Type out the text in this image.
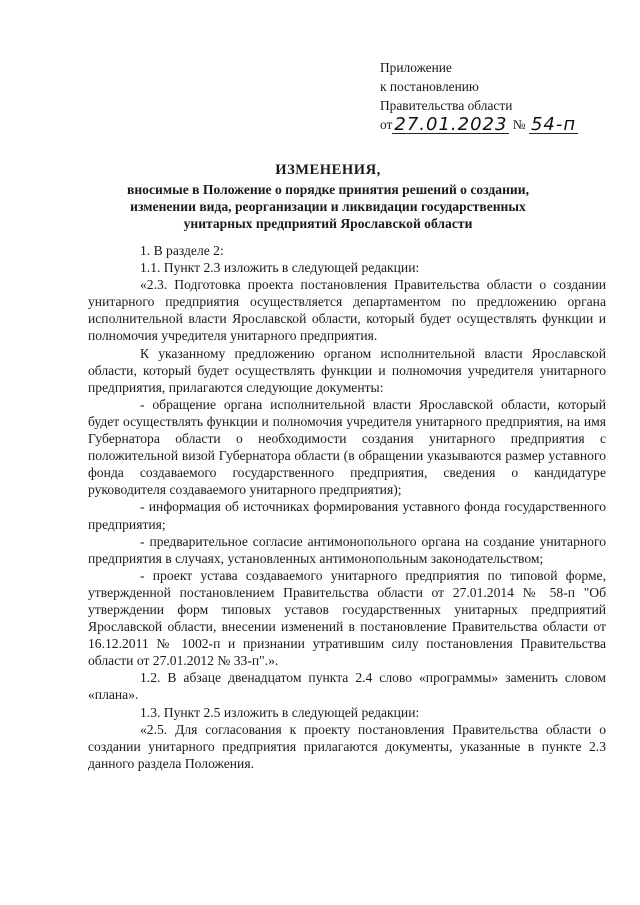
Приложение
к постановлению
Правительства области
от 27.01.2023 № 54-п
ИЗМЕНЕНИЯ,
вносимые в Положение о порядке принятия решений о создании,
изменении вида, реорганизации и ликвидации государственных
унитарных предприятий Ярославской области

1. В разделе 2:

1.1. Пункт 2.3 изложить в следующей редакции:

«2.3. Подготовка проекта постановления Правительства области о создании унитарного предприятия осуществляется департаментом по предложению органа исполнительной власти Ярославской области, который будет осуществлять функции и полномочия учредителя унитарного предприятия.

К указанному предложению органом исполнительной власти Ярославской области, который будет осуществлять функции и полномочия учредителя унитарного предприятия, прилагаются следующие документы:

- обращение органа исполнительной власти Ярославской области, который будет осуществлять функции и полномочия учредителя унитарного предприятия, на имя Губернатора области о необходимости создания унитарного предприятия с положительной визой Губернатора области (в обращении указываются размер уставного фонда создаваемого государственного предприятия, сведения о кандидатуре руководителя создаваемого унитарного предприятия);

- информация об источниках формирования уставного фонда государственного предприятия;

- предварительное согласие антимонопольного органа на создание унитарного предприятия в случаях, установленных антимонопольным законодательством;

- проект устава создаваемого унитарного предприятия по типовой форме, утвержденной постановлением Правительства области от 27.01.2014 № 58-п "Об утверждении форм типовых уставов государственных унитарных предприятий Ярославской области, внесении изменений в постановление Правительства области от 16.12.2011 № 1002-п и признании утратившим силу постановления Правительства области от 27.01.2012 № 33-п".».

1.2. В абзаце двенадцатом пункта 2.4 слово «программы» заменить словом «плана».

1.3. Пункт 2.5 изложить в следующей редакции:

«2.5. Для согласования к проекту постановления Правительства области о создании унитарного предприятия прилагаются документы, указанные в пункте 2.3 данного раздела Положения.
